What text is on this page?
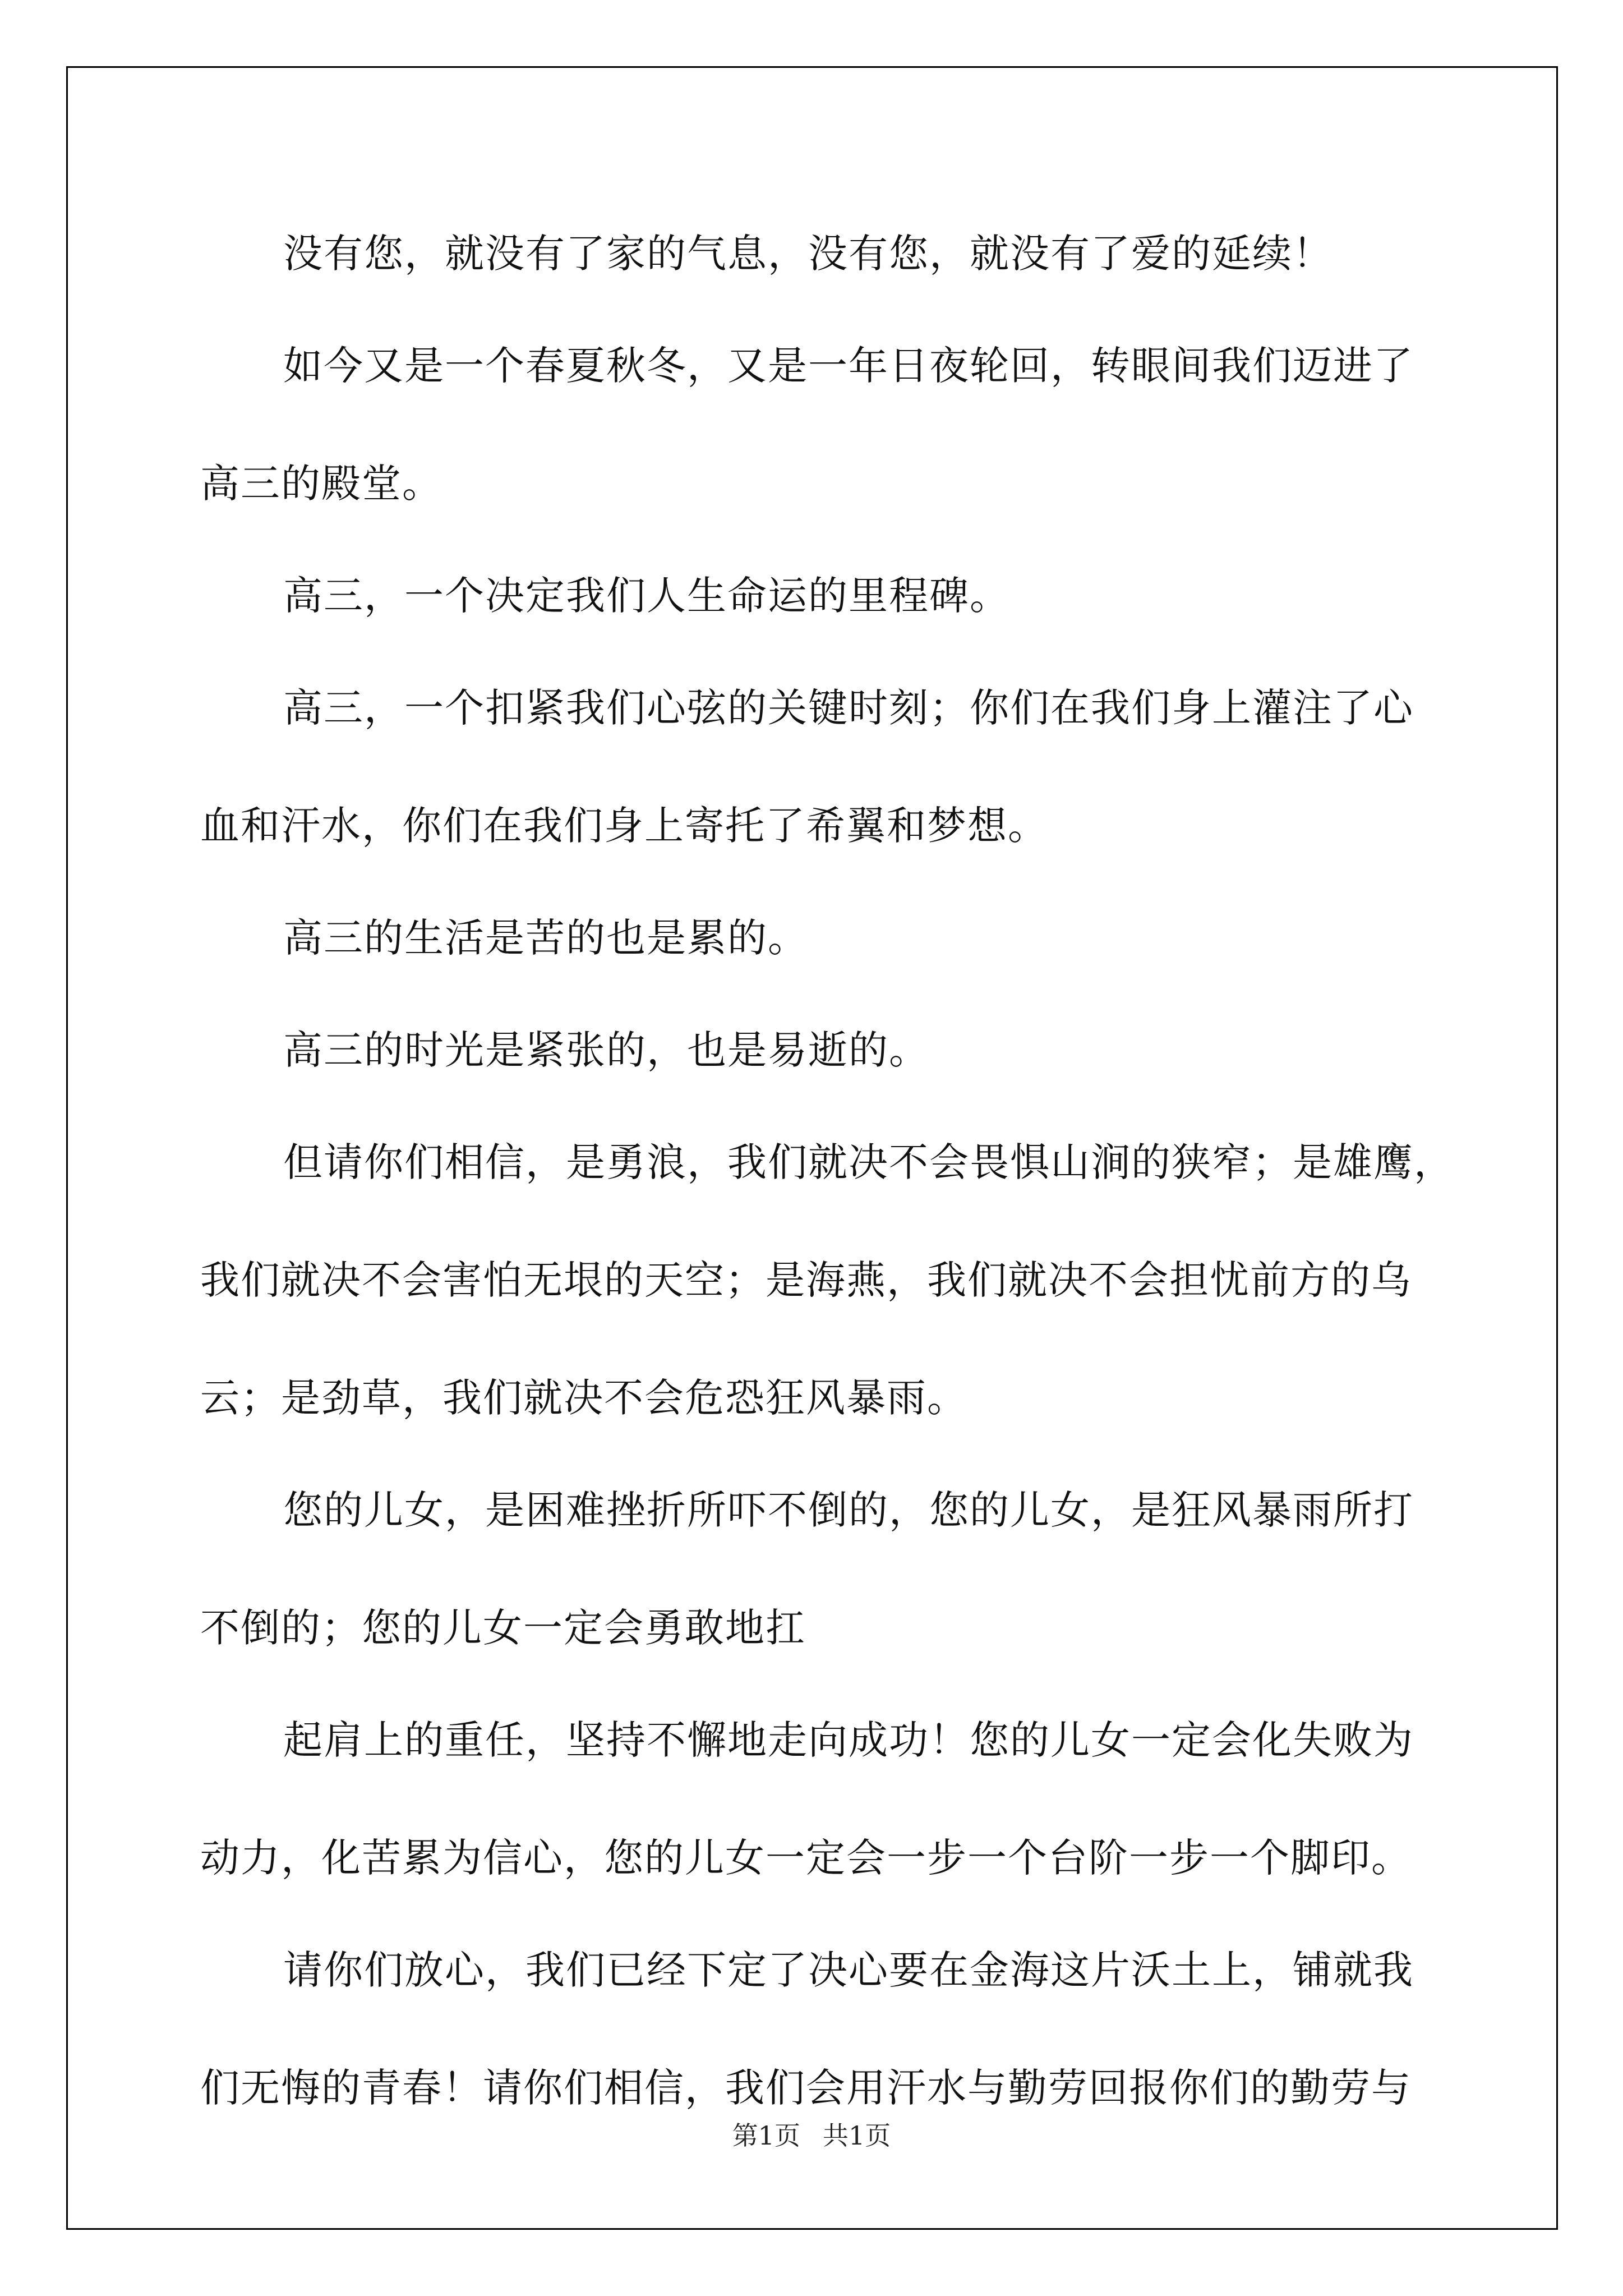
没有您，就没有了家的气息，没有您，就没有了爱的延续！

如今又是一个春夏秋冬，又是一年日夜轮回，转眼间我们迈进了
高三的殿堂。

高三，一个决定我们人生命运的里程碑。

高三，一个扣紧我们心弦的关键时刻；你们在我们身上灌注了心
血和汗水，你们在我们身上寄托了希翼和梦想。

高三的生活是苦的也是累的。

高三的时光是紧张的，也是易逝的。

但请你们相信，是勇浪，我们就决不会畏惧山涧的狭窄；是雄鹰，
我们就决不会害怕无垠的天空；是海燕，我们就决不会担忧前方的乌
云；是劲草，我们就决不会危恐狂风暴雨。

您的儿女，是困难挫折所吓不倒的，您的儿女，是狂风暴雨所打
不倒的；您的儿女一定会勇敢地扛

起肩上的重任，坚持不懈地走向成功！您的儿女一定会化失败为
动力，化苦累为信心，您的儿女一定会一步一个台阶一步一个脚印。

请你们放心，我们已经下定了决心要在金海这片沃土上，铺就我
们无悔的青春！请你们相信，我们会用汗水与勤劳回报你们的勤劳与

第1页 共1页
